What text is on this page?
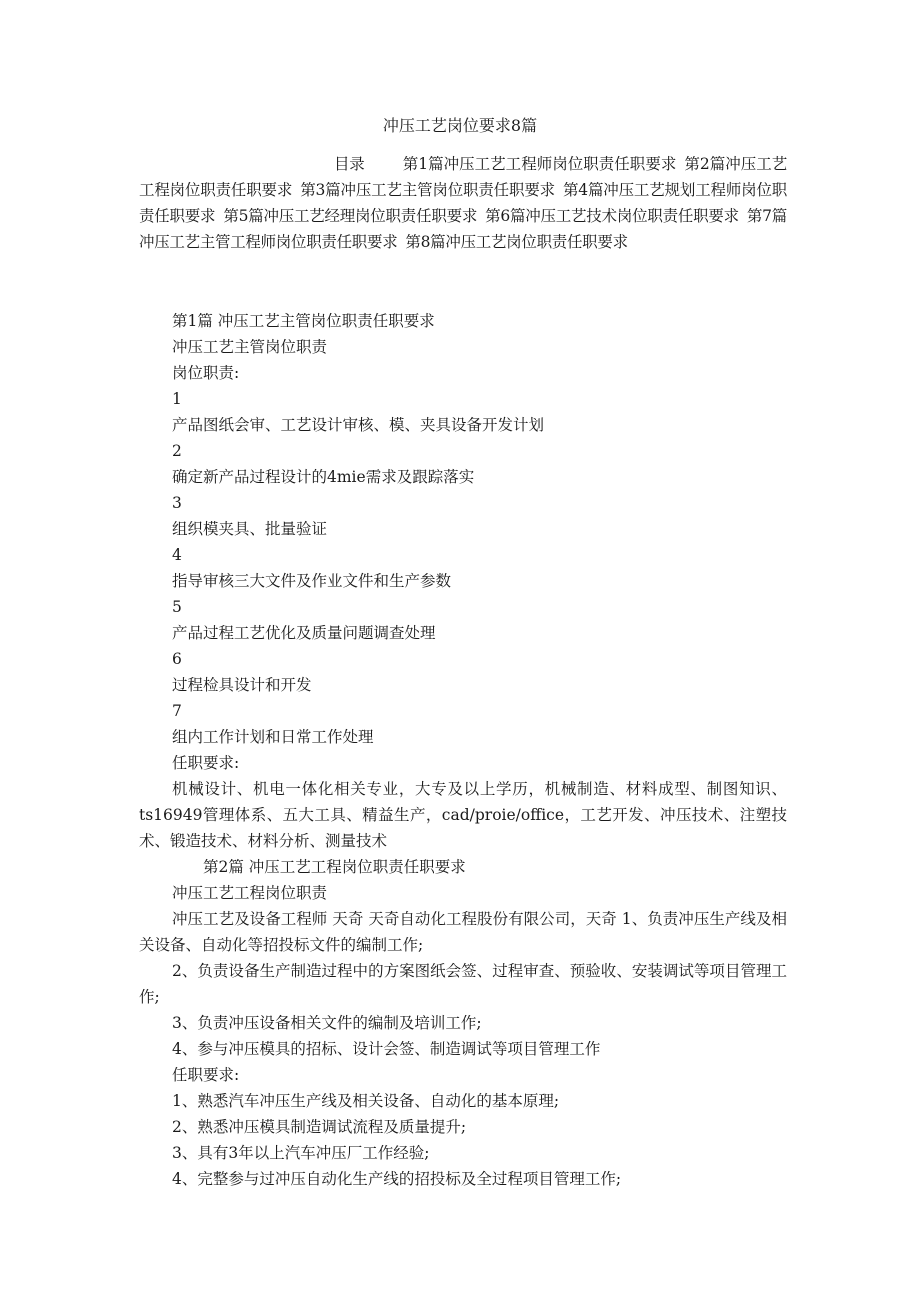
冲压工艺岗位要求8篇
目录 第1篇冲压工艺工程师岗位职责任职要求 第2篇冲压工艺工程岗位职责任职要求 第3篇冲压工艺主管岗位职责任职要求 第4篇冲压工艺规划工程师岗位职责任职要求 第5篇冲压工艺经理岗位职责任职要求 第6篇冲压工艺技术岗位职责任职要求 第7篇冲压工艺主管工程师岗位职责任职要求 第8篇冲压工艺岗位职责任职要求

第1篇 冲压工艺主管岗位职责任职要求

冲压工艺主管岗位职责

岗位职责:

1

产品图纸会审、工艺设计审核、模、夹具设备开发计划

2

确定新产品过程设计的4mie需求及跟踪落实

3

组织模夹具、批量验证

4

指导审核三大文件及作业文件和生产参数

5

产品过程工艺优化及质量问题调查处理

6

过程检具设计和开发

7

组内工作计划和日常工作处理

任职要求:

机械设计、机电一体化相关专业，大专及以上学历，机械制造、材料成型、制图知识、ts16949管理体系、五大工具、精益生产，cad/proie/office，工艺开发、冲压技术、注塑技术、锻造技术、材料分析、测量技术

第2篇 冲压工艺工程岗位职责任职要求

冲压工艺工程岗位职责

冲压工艺及设备工程师 天奇 天奇自动化工程股份有限公司，天奇 1、负责冲压生产线及相关设备、自动化等招投标文件的编制工作;

2、负责设备生产制造过程中的方案图纸会签、过程审查、预验收、安装调试等项目管理工作;

3、负责冲压设备相关文件的编制及培训工作;

4、参与冲压模具的招标、设计会签、制造调试等项目管理工作

任职要求:

1、熟悉汽车冲压生产线及相关设备、自动化的基本原理;

2、熟悉冲压模具制造调试流程及质量提升;

3、具有3年以上汽车冲压厂工作经验;

4、完整参与过冲压自动化生产线的招投标及全过程项目管理工作;
